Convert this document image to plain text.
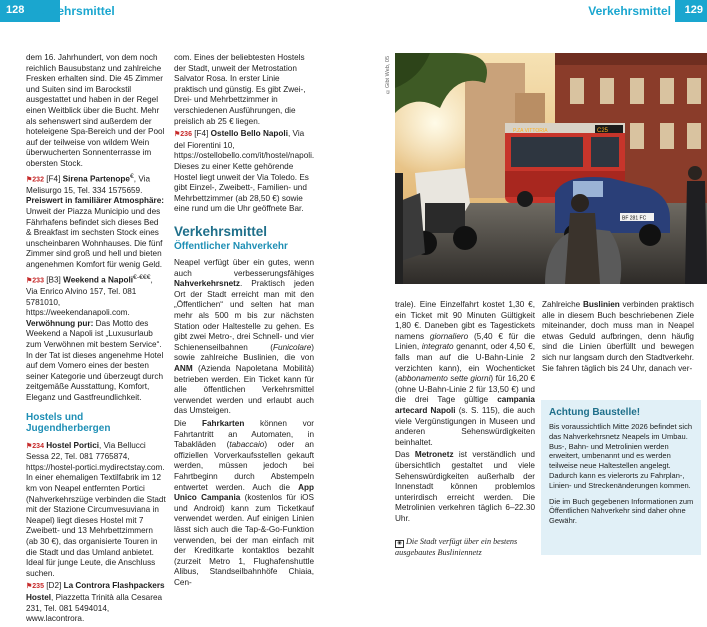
128 Verkehrsmittel	Verkehrsmittel 129

dem 16. Jahrhundert, von dem noch reichlich Bausubstanz und zahlreiche Fresken erhalten sind. Die 45 Zimmer und Suiten sind im Barockstil ausgestattet und haben in der Regel einen Weitblick über die Bucht. Mehr als sehenswert sind außerdem der hoteleigene Spa-Bereich und der Pool auf der teilweise von wildem Wein überwucherten Sonnenterrasse im obersten Stock.

⚑232 [F4] Sirena Partenope€, Via Melisurgo 15, Tel. 334 1575659. Preiswert in familiärer Atmosphäre: Unweit der Piazza Municipio und des Fährhafens befindet sich dieses Bed & Breakfast im sechsten Stock eines unscheinbaren Wohnhauses. Die fünf Zimmer sind groß und hell und bieten angenehmen Komfort für wenig Geld.

⚑233 [B3] Weekend a Napoli€-€€€, Via Enrico Alvino 157, Tel. 081 5781010, https://weekendanapoli.com. Verwöhnung pur: Das Motto des Weekend a Napoli ist „Luxusurlaub zum Verwöhnen mit bestem Service“. In der Tat ist dieses angenehme Hotel auf dem Vomero eines der besten seiner Kategorie und überzeugt durch zeitgemäße Ausstattung, Komfort, Eleganz und Gastfreundlichkeit.

Hostels und Jugendherbergen

⚑234 Hostel Portici, Via Bellucci Sessa 22, Tel. 081 7765874, https://hostel-portici.mydirectstay.com. In einer ehemaligen Textilfabrik im 12 km von Neapel entfernten Portici (Nahverkehrszüge verbinden die Stadt mit der Stazione Circumvesuviana in Neapel) liegt dieses Hostel mit 7 Zweibett- und 13 Mehrbettzimmern (ab 30 €), das organisierte Touren in die Stadt und das Umland anbietet. Ideal für junge Leute, die Anschluss suchen.

⚑235 [D2] La Controra Flashpackers Hostel, Piazzetta Trinità alla Cesarea 231, Tel. 081 5494014, www.lacontrora.

com. Eines der beliebtesten Hostels der Stadt, unweit der Metrostation Salvator Rosa. In erster Linie praktisch und günstig. Es gibt Zwei-, Drei- und Mehrbettzimmer in verschiedenen Ausführungen, die preislich ab 25 € liegen.

⚑236 [F4] Ostello Bello Napoli, Via del Fiorentini 10, https://ostellobello.com/it/hostel/napoli. Dieses zu einer Kette gehörende Hostel liegt unweit der Via Toledo. Es gibt Einzel-, Zweibett-, Familien- und Mehrbettzimmer (ab 28,50 €) sowie eine rund um die Uhr geöffnete Bar.

Verkehrsmittel
Öffentlicher Nahverkehr

Neapel verfügt über ein gutes, wenn auch verbesserungsfähiges Nahverkehrsnetz. Praktisch jeden Ort der Stadt erreicht man mit den „Öffentlichen“ und selten hat man mehr als 500 m bis zur nächsten Station oder Haltestelle zu gehen. Es gibt zwei Metro-, drei Schnell- und vier Schienenseilbahnen (Funicolare) sowie zahlreiche Buslinien, die von ANM (Azienda Napoletana Mobilità) betrieben werden. Ein Ticket kann für alle öffentlichen Verkehrsmittel verwendet werden und erlaubt auch das Umsteigen.

Die Fahrkarten können vor Fahrtantritt an Automaten, in Tabakläden (tabaccaio) oder an offiziellen Vorverkaufsstellen gekauft werden, müssen jedoch bei Fahrtbeginn durch Abstempeln entwertet werden. Auch die App Unico Campania (kostenlos für iOS und Android) kann zum Ticketkauf verwendet werden. Auf einigen Linien lässt sich auch die Tap-&-Go-Funktion verwenden, bei der man einfach mit der Kreditkarte kontaktlos bezahlt (zurzeit Metro 1, Flughafenshuttle Alibus, Standseilbahnhöfe Chiaia, Cen-

©Gibt Web, 05
C25
P.ZA VITTORIA
BF 281 FC

trale). Eine Einzelfahrt kostet 1,30 €, ein Ticket mit 90 Minuten Gültigkeit 1,80 €. Daneben gibt es Tagestickets namens giornaliero (5,40 € für die Linien, integrato genannt, oder 4,50 €, falls man auf die U-Bahn-Linie 2 verzichten kann), ein Wochenticket (abbonamento sette giorni) für 16,20 € (ohne U-Bahn-Linie 2 für 13,50 €) und die drei Tage gültige campania artecard Napoli (s. S. 115), die auch viele Vergünstigungen in Museen und anderen Sehenswürdigkeiten beinhaltet.

Das Metronetz ist verständlich und übersichtlich gestaltet und viele Sehenswürdigkeiten außerhalb der Innenstadt können problemlos unterirdisch erreicht werden. Die Metrolinien verkehren täglich 6–22.30 Uhr.

◉ Die Stadt verfügt über ein bestens ausgebautes Busliniennetz

Zahlreiche Buslinien verbinden praktisch alle in diesem Buch beschriebenen Ziele miteinander, doch muss man in Neapel etwas Geduld aufbringen, denn häufig sind die Linien überfüllt und bewegen sich nur langsam durch den Stadtverkehr. Sie fahren täglich bis 24 Uhr, danach ver-

Achtung Baustelle!

Bis voraussichtlich Mitte 2026 befindet sich das Nahverkehrsnetz Neapels im Umbau. Bus-, Bahn- und Metrolinien werden erweitert, umbenannt und es werden teilweise neue Haltestellen angelegt. Dadurch kann es vielerorts zu Fahrplan-, Linien- und Streckenänderungen kommen.

Die im Buch gegebenen Informationen zum Öffentlichen Nahverkehr sind daher ohne Gewähr.
